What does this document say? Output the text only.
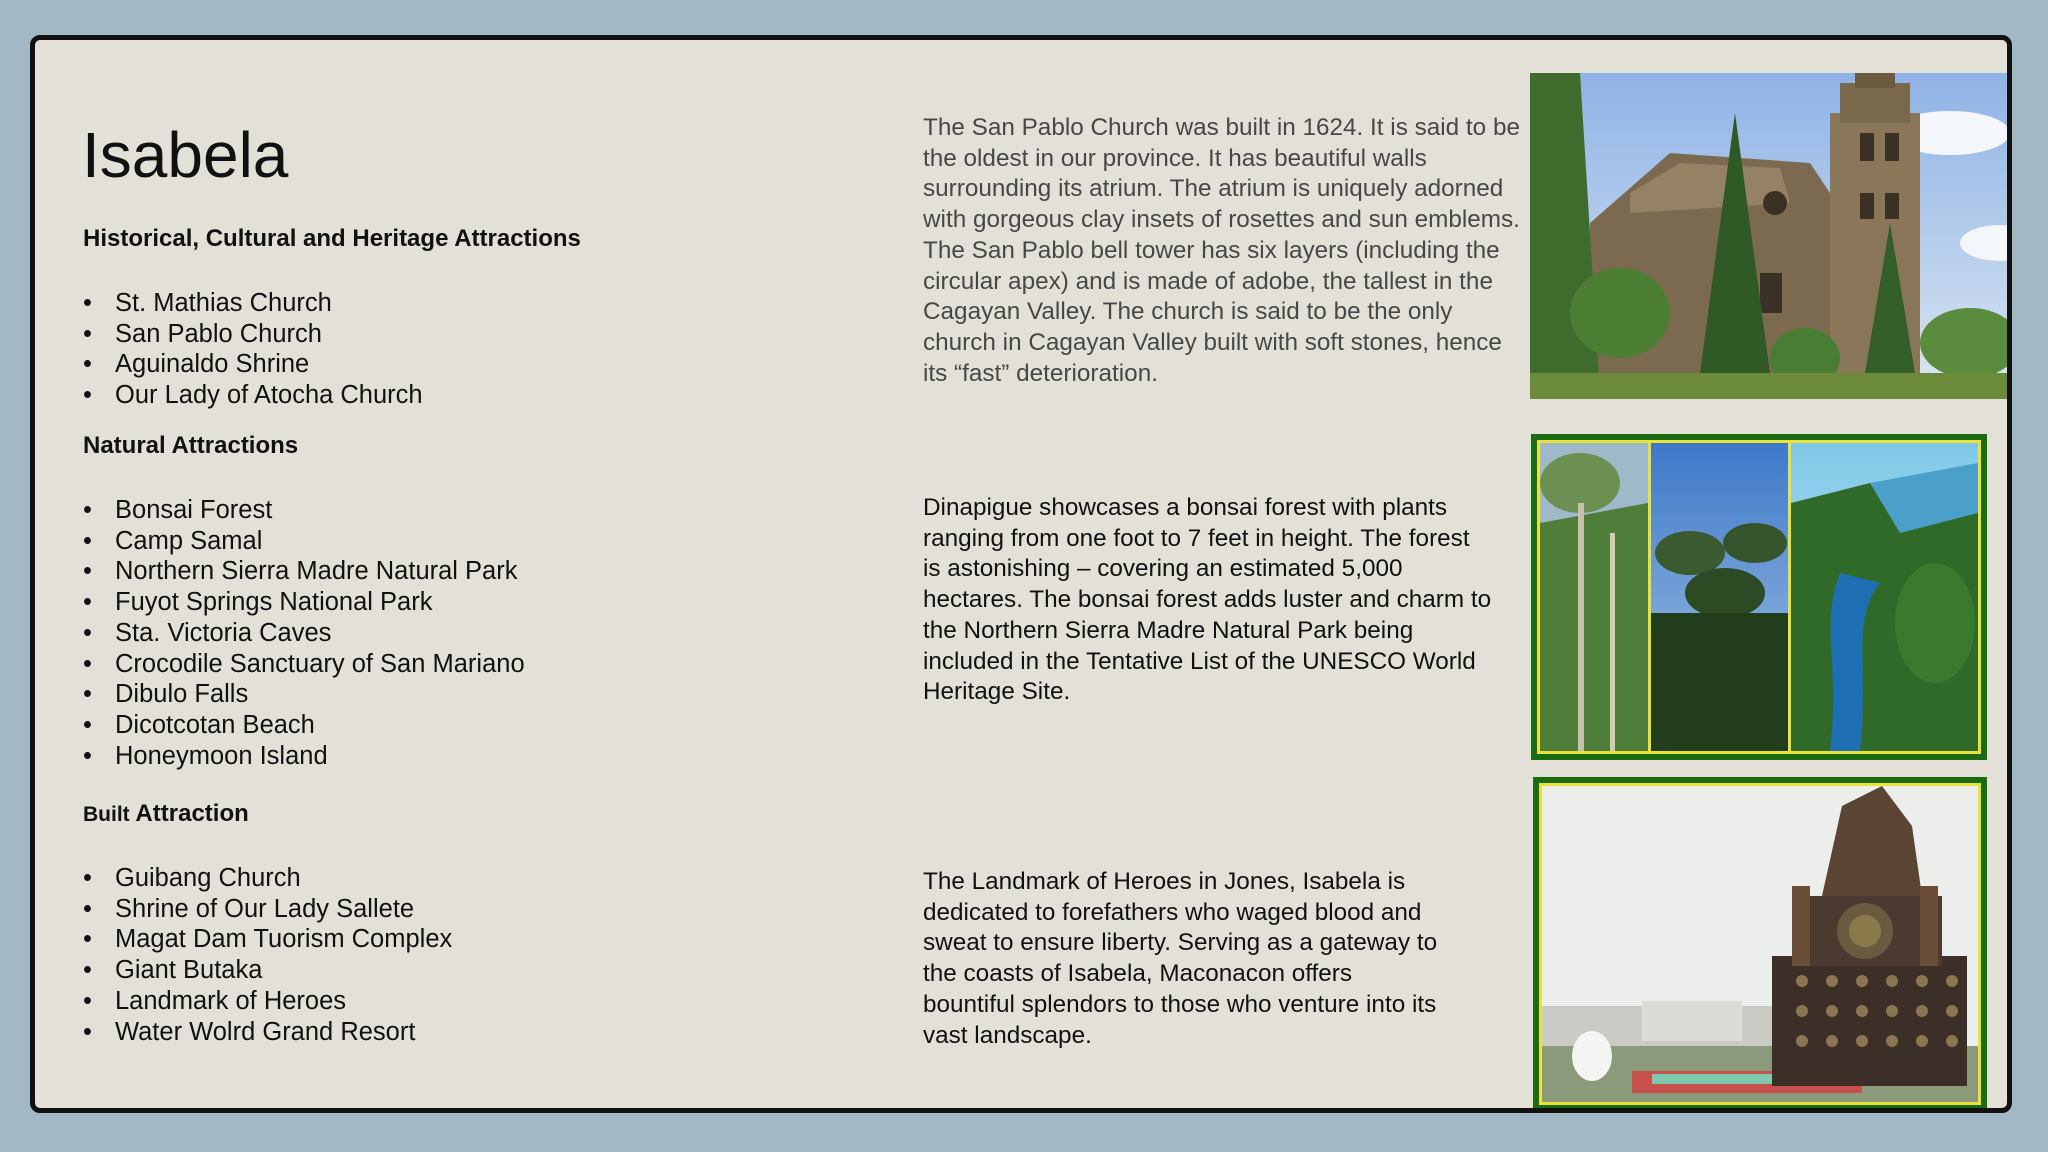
Isabela
Historical, Cultural and Heritage Attractions
• St. Mathias Church
• San Pablo Church
• Aguinaldo Shrine
• Our Lady of Atocha Church
Natural Attractions
• Bonsai Forest
• Camp Samal
• Northern Sierra Madre Natural Park
• Fuyot Springs National Park
• Sta. Victoria Caves
• Crocodile Sanctuary of San Mariano
• Dibulo Falls
• Dicotcotan Beach
• Honeymoon Island
Built Attraction
• Guibang Church
• Shrine of Our Lady Sallete
• Magat Dam Tuorism Complex
• Giant Butaka
• Landmark of Heroes
• Water Wolrd Grand Resort

The San Pablo Church was built in 1624. It is said to be the oldest in our province. It has beautiful walls surrounding its atrium. The atrium is uniquely adorned with gorgeous clay insets of rosettes and sun emblems. The San Pablo bell tower has six layers (including the circular apex) and is made of adobe, the tallest in the Cagayan Valley. The church is said to be the only church in Cagayan Valley built with soft stones, hence its “fast” deterioration.

Dinapigue showcases a bonsai forest with plants ranging from one foot to 7 feet in height. The forest is astonishing – covering an estimated 5,000 hectares. The bonsai forest adds luster and charm to the Northern Sierra Madre Natural Park being included in the Tentative List of the UNESCO World Heritage Site.

The Landmark of Heroes in Jones, Isabela is dedicated to forefathers who waged blood and sweat to ensure liberty. Serving as a gateway to the coasts of Isabela, Maconacon offers bountiful splendors to those who venture into its vast landscape.
